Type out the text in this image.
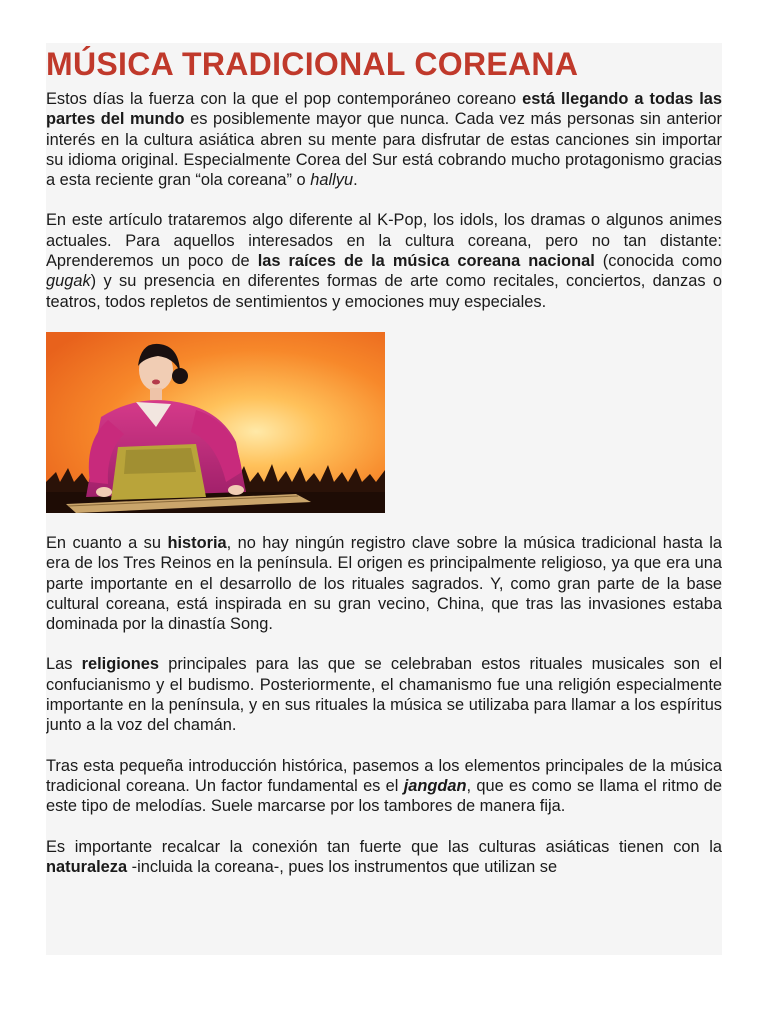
MÚSICA TRADICIONAL COREANA

Estos días la fuerza con la que el pop contemporáneo coreano está llegando a todas las partes del mundo es posiblemente mayor que nunca. Cada vez más personas sin anterior interés en la cultura asiática abren su mente para disfrutar de estas canciones sin importar su idioma original. Especialmente Corea del Sur está cobrando mucho protagonismo gracias a esta reciente gran “ola coreana” o hallyu.

En este artículo trataremos algo diferente al K-Pop, los idols, los dramas o algunos animes actuales. Para aquellos interesados en la cultura coreana, pero no tan distante: Aprenderemos un poco de las raíces de la música coreana nacional (conocida como gugak) y su presencia en diferentes formas de arte como recitales, conciertos, danzas o teatros, todos repletos de sentimientos y emociones muy especiales.

En cuanto a su historia, no hay ningún registro clave sobre la música tradicional hasta la era de los Tres Reinos en la península. El origen es principalmente religioso, ya que era una parte importante en el desarrollo de los rituales sagrados. Y, como gran parte de la base cultural coreana, está inspirada en su gran vecino, China, que tras las invasiones estaba dominada por la dinastía Song.

Las religiones principales para las que se celebraban estos rituales musicales son el confucianismo y el budismo. Posteriormente, el chamanismo fue una religión especialmente importante en la península, y en sus rituales la música se utilizaba para llamar a los espíritus junto a la voz del chamán.

Tras esta pequeña introducción histórica, pasemos a los elementos principales de la música tradicional coreana. Un factor fundamental es el jangdan, que es como se llama el ritmo de este tipo de melodías. Suele marcarse por los tambores de manera fija.

Es importante recalcar la conexión tan fuerte que las culturas asiáticas tienen con la naturaleza -incluida la coreana-, pues los instrumentos que utilizan se
